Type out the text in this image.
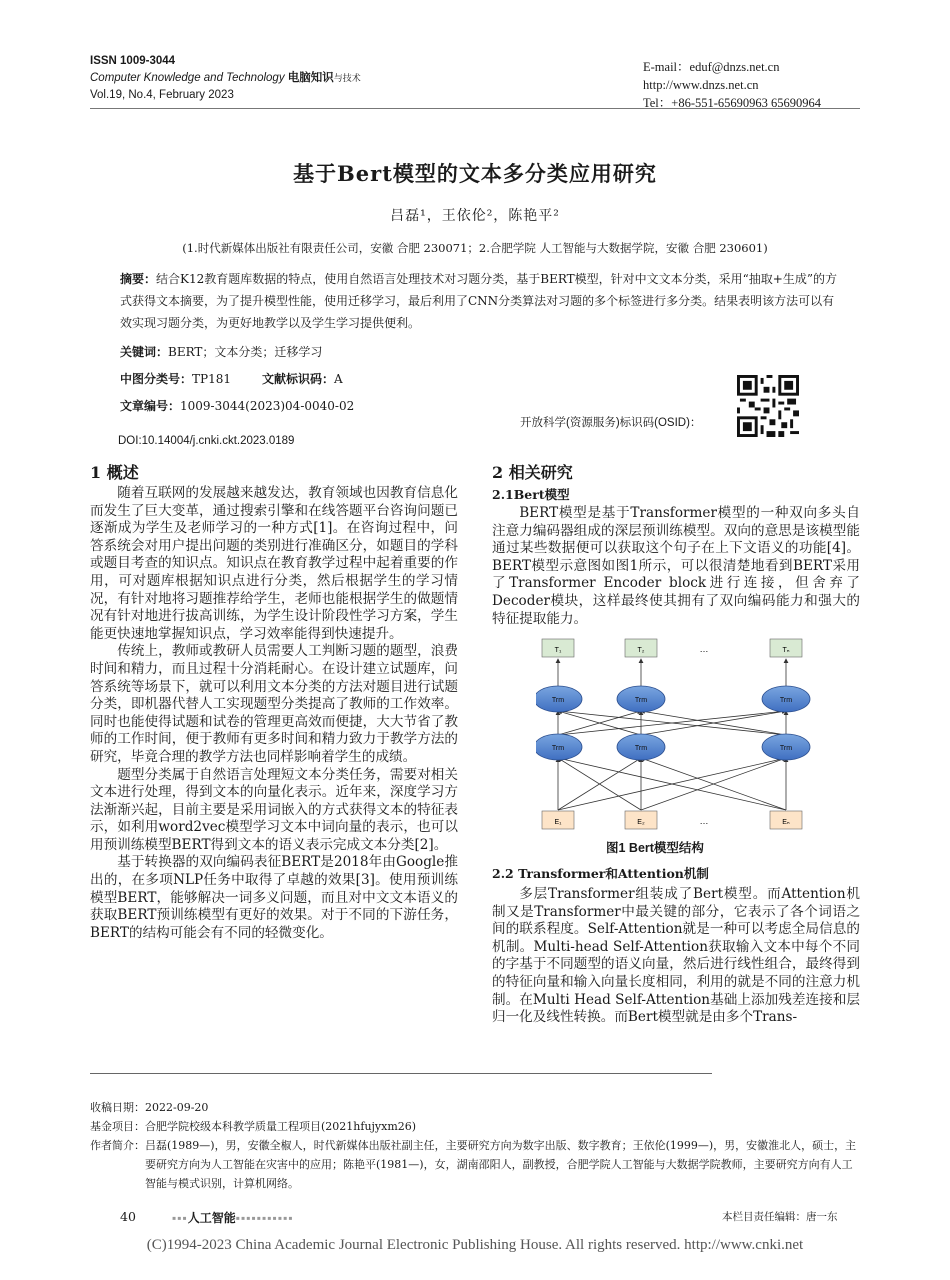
ISSN 1009-3044
Computer Knowledge and Technology 电脑知识与技术
Vol.19, No.4, February 2023
E-mail：eduf@dnzs.net.cn
http://www.dnzs.net.cn
Tel：+86-551-65690963 65690964
基于Bert模型的文本多分类应用研究
吕磊¹，王依伦²，陈艳平²
(1.时代新媒体出版社有限责任公司，安徽 合肥 230071；2.合肥学院 人工智能与大数据学院，安徽 合肥 230601)
摘要：结合K12教育题库数据的特点，使用自然语言处理技术对习题分类，基于BERT模型，针对中文文本分类，采用“抽取+生成”的方式获得文本摘要，为了提升模型性能，使用迁移学习，最后利用了CNN分类算法对习题的多个标签进行多分类。结果表明该方法可以有效实现习题分类，为更好地教学以及学生学习提供便利。
关键词：BERT；文本分类；迁移学习
中图分类号：TP181	文献标识码：A
文章编号：1009-3044(2023)04-0040-02
开放科学(资源服务)标识码(OSID)：
DOI:10.14004/j.cnki.ckt.2023.0189
1 概述

随着互联网的发展越来越发达，教育领域也因教育信息化而发生了巨大变革，通过搜索引擎和在线答题平台咨询问题已逐渐成为学生及老师学习的一种方式[1]。在咨询过程中，问答系统会对用户提出问题的类别进行准确区分，如题目的学科或题目考查的知识点。知识点在教育教学过程中起着重要的作用，可对题库根据知识点进行分类，然后根据学生的学习情况，有针对地将习题推荐给学生，老师也能根据学生的做题情况有针对地进行拔高训练，为学生设计阶段性学习方案，学生能更快速地掌握知识点，学习效率能得到快速提升。

传统上，教师或教研人员需要人工判断习题的题型，浪费时间和精力，而且过程十分消耗耐心。在设计建立试题库，问答系统等场景下，就可以利用文本分类的方法对题目进行试题分类，即机器代替人工实现题型分类提高了教师的工作效率。同时也能使得试题和试卷的管理更高效而便捷，大大节省了教师的工作时间，便于教师有更多时间和精力致力于教学方法的研究，毕竟合理的教学方法也同样影响着学生的成绩。

题型分类属于自然语言处理短文本分类任务，需要对相关文本进行处理，得到文本的向量化表示。近年来，深度学习方法渐渐兴起，目前主要是采用词嵌入的方式获得文本的特征表示，如利用word2vec模型学习文本中词向量的表示，也可以用预训练模型BERT得到文本的语义表示完成文本分类[2]。

基于转换器的双向编码表征BERT是2018年由Google推出的，在多项NLP任务中取得了卓越的效果[3]。使用预训练模型BERT，能够解决一词多义问题，而且对中文文本语义的获取BERT预训练模型有更好的效果。对于不同的下游任务，BERT的结构可能会有不同的轻微变化。

2 相关研究
2.1Bert模型

BERT模型是基于Transformer模型的一种双向多头自注意力编码器组成的深层预训练模型。双向的意思是该模型能通过某些数据便可以获取这个句子在上下文语义的功能[4]。BERT模型示意图如图1所示，可以很清楚地看到BERT采用了Transformer Encoder block进行连接，但舍弃了Decoder模块，这样最终使其拥有了双向编码能力和强大的特征提取能力。

T₁	T₂	…	Tₙ
Trm	Trm	Trm
Trm	Trm	Trm
E₁	E₂	…	Eₙ
图1 Bert模型结构
2.2 Transformer和Attention机制

多层Transformer组装成了Bert模型。而Attention机制又是Transformer中最关键的部分，它表示了各个词语之间的联系程度。Self-Attention就是一种可以考虑全局信息的机制。Multi-head Self-Attention获取输入文本中每个不同的字基于不同题型的语义向量，然后进行线性组合，最终得到的特征向量和输入向量长度相同，利用的就是不同的注意力机制。在Multi Head Self-Attention基础上添加残差连接和层归一化及线性转换。而Bert模型就是由多个Trans-

收稿日期：2022-09-20
基金项目：合肥学院校级本科教学质量工程项目(2021hfujyxm26)
作者简介： 吕磊(1989—)，男，安徽全椒人，时代新媒体出版社副主任，主要研究方向为数字出版、数字教育；王依伦(1999—)，男，安徽淮北人，硕士，主要研究方向为人工智能在灾害中的应用；陈艳平(1981—)，女，湖南邵阳人，副教授，合肥学院人工智能与大数据学院教师，主要研究方向有人工智能与模式识别，计算机网络。
40	▪▪▪人工智能▪▪▪▪▪▪▪▪▪▪▪	本栏目责任编辑：唐一东
(C)1994-2023 China Academic Journal Electronic Publishing House. All rights reserved. http://www.cnki.net
